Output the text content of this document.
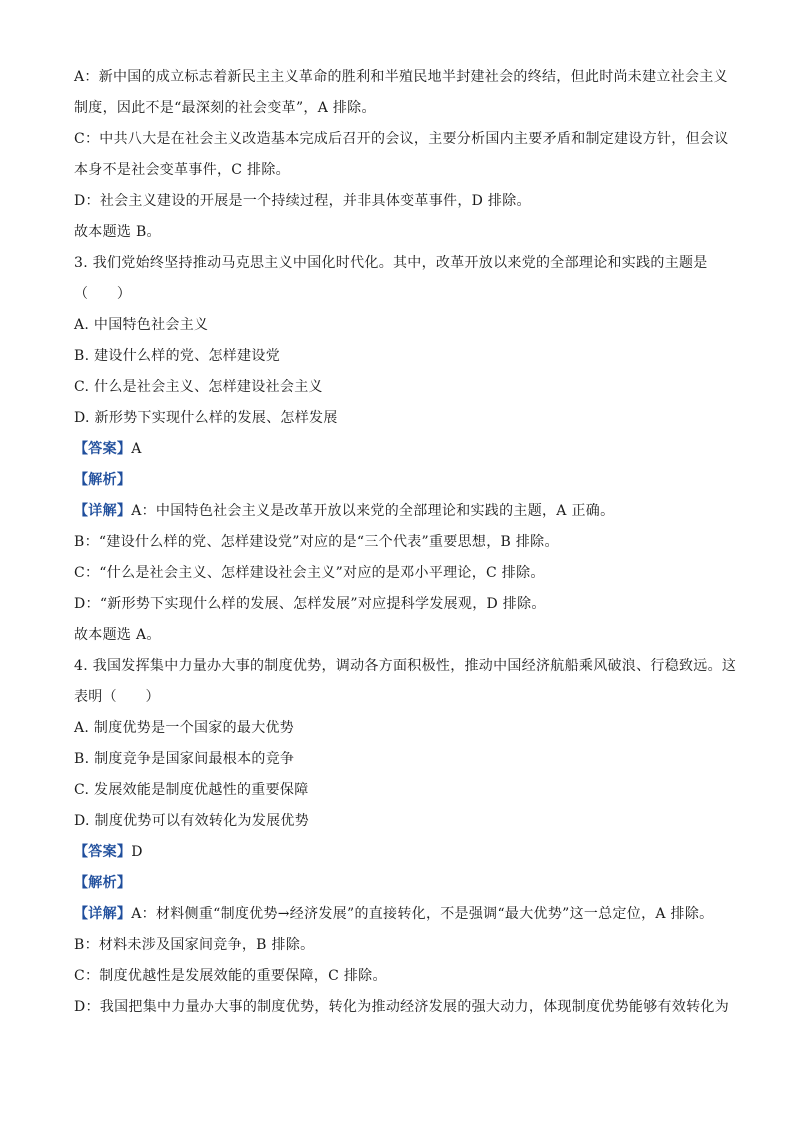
A：新中国的成立标志着新民主主义革命的胜利和半殖民地半封建社会的终结，但此时尚未建立社会主义
制度，因此不是“最深刻的社会变革”，A 排除。
C：中共八大是在社会主义改造基本完成后召开的会议，主要分析国内主要矛盾和制定建设方针，但会议
本身不是社会变革事件，C 排除。
D：社会主义建设的开展是一个持续过程，并非具体变革事件，D 排除。
故本题选 B。
3. 我们党始终坚持推动马克思主义中国化时代化。其中，改革开放以来党的全部理论和实践的主题是
（　　）
A. 中国特色社会主义
B. 建设什么样的党、怎样建设党
C. 什么是社会主义、怎样建设社会主义
D. 新形势下实现什么样的发展、怎样发展
【答案】A
【解析】
【详解】A：中国特色社会主义是改革开放以来党的全部理论和实践的主题，A 正确。
B：“建设什么样的党、怎样建设党”对应的是“三个代表”重要思想，B 排除。
C：“什么是社会主义、怎样建设社会主义”对应的是邓小平理论，C 排除。
D：“新形势下实现什么样的发展、怎样发展”对应提科学发展观，D 排除。
故本题选 A。
4. 我国发挥集中力量办大事的制度优势，调动各方面积极性，推动中国经济航船乘风破浪、行稳致远。这
表明（　　）
A. 制度优势是一个国家的最大优势
B. 制度竞争是国家间最根本的竞争
C. 发展效能是制度优越性的重要保障
D. 制度优势可以有效转化为发展优势
【答案】D
【解析】
【详解】A：材料侧重“制度优势→经济发展”的直接转化，不是强调“最大优势”这一总定位，A 排除。
B：材料未涉及国家间竞争，B 排除。
C：制度优越性是发展效能的重要保障，C 排除。
D：我国把集中力量办大事的制度优势，转化为推动经济发展的强大动力，体现制度优势能够有效转化为
